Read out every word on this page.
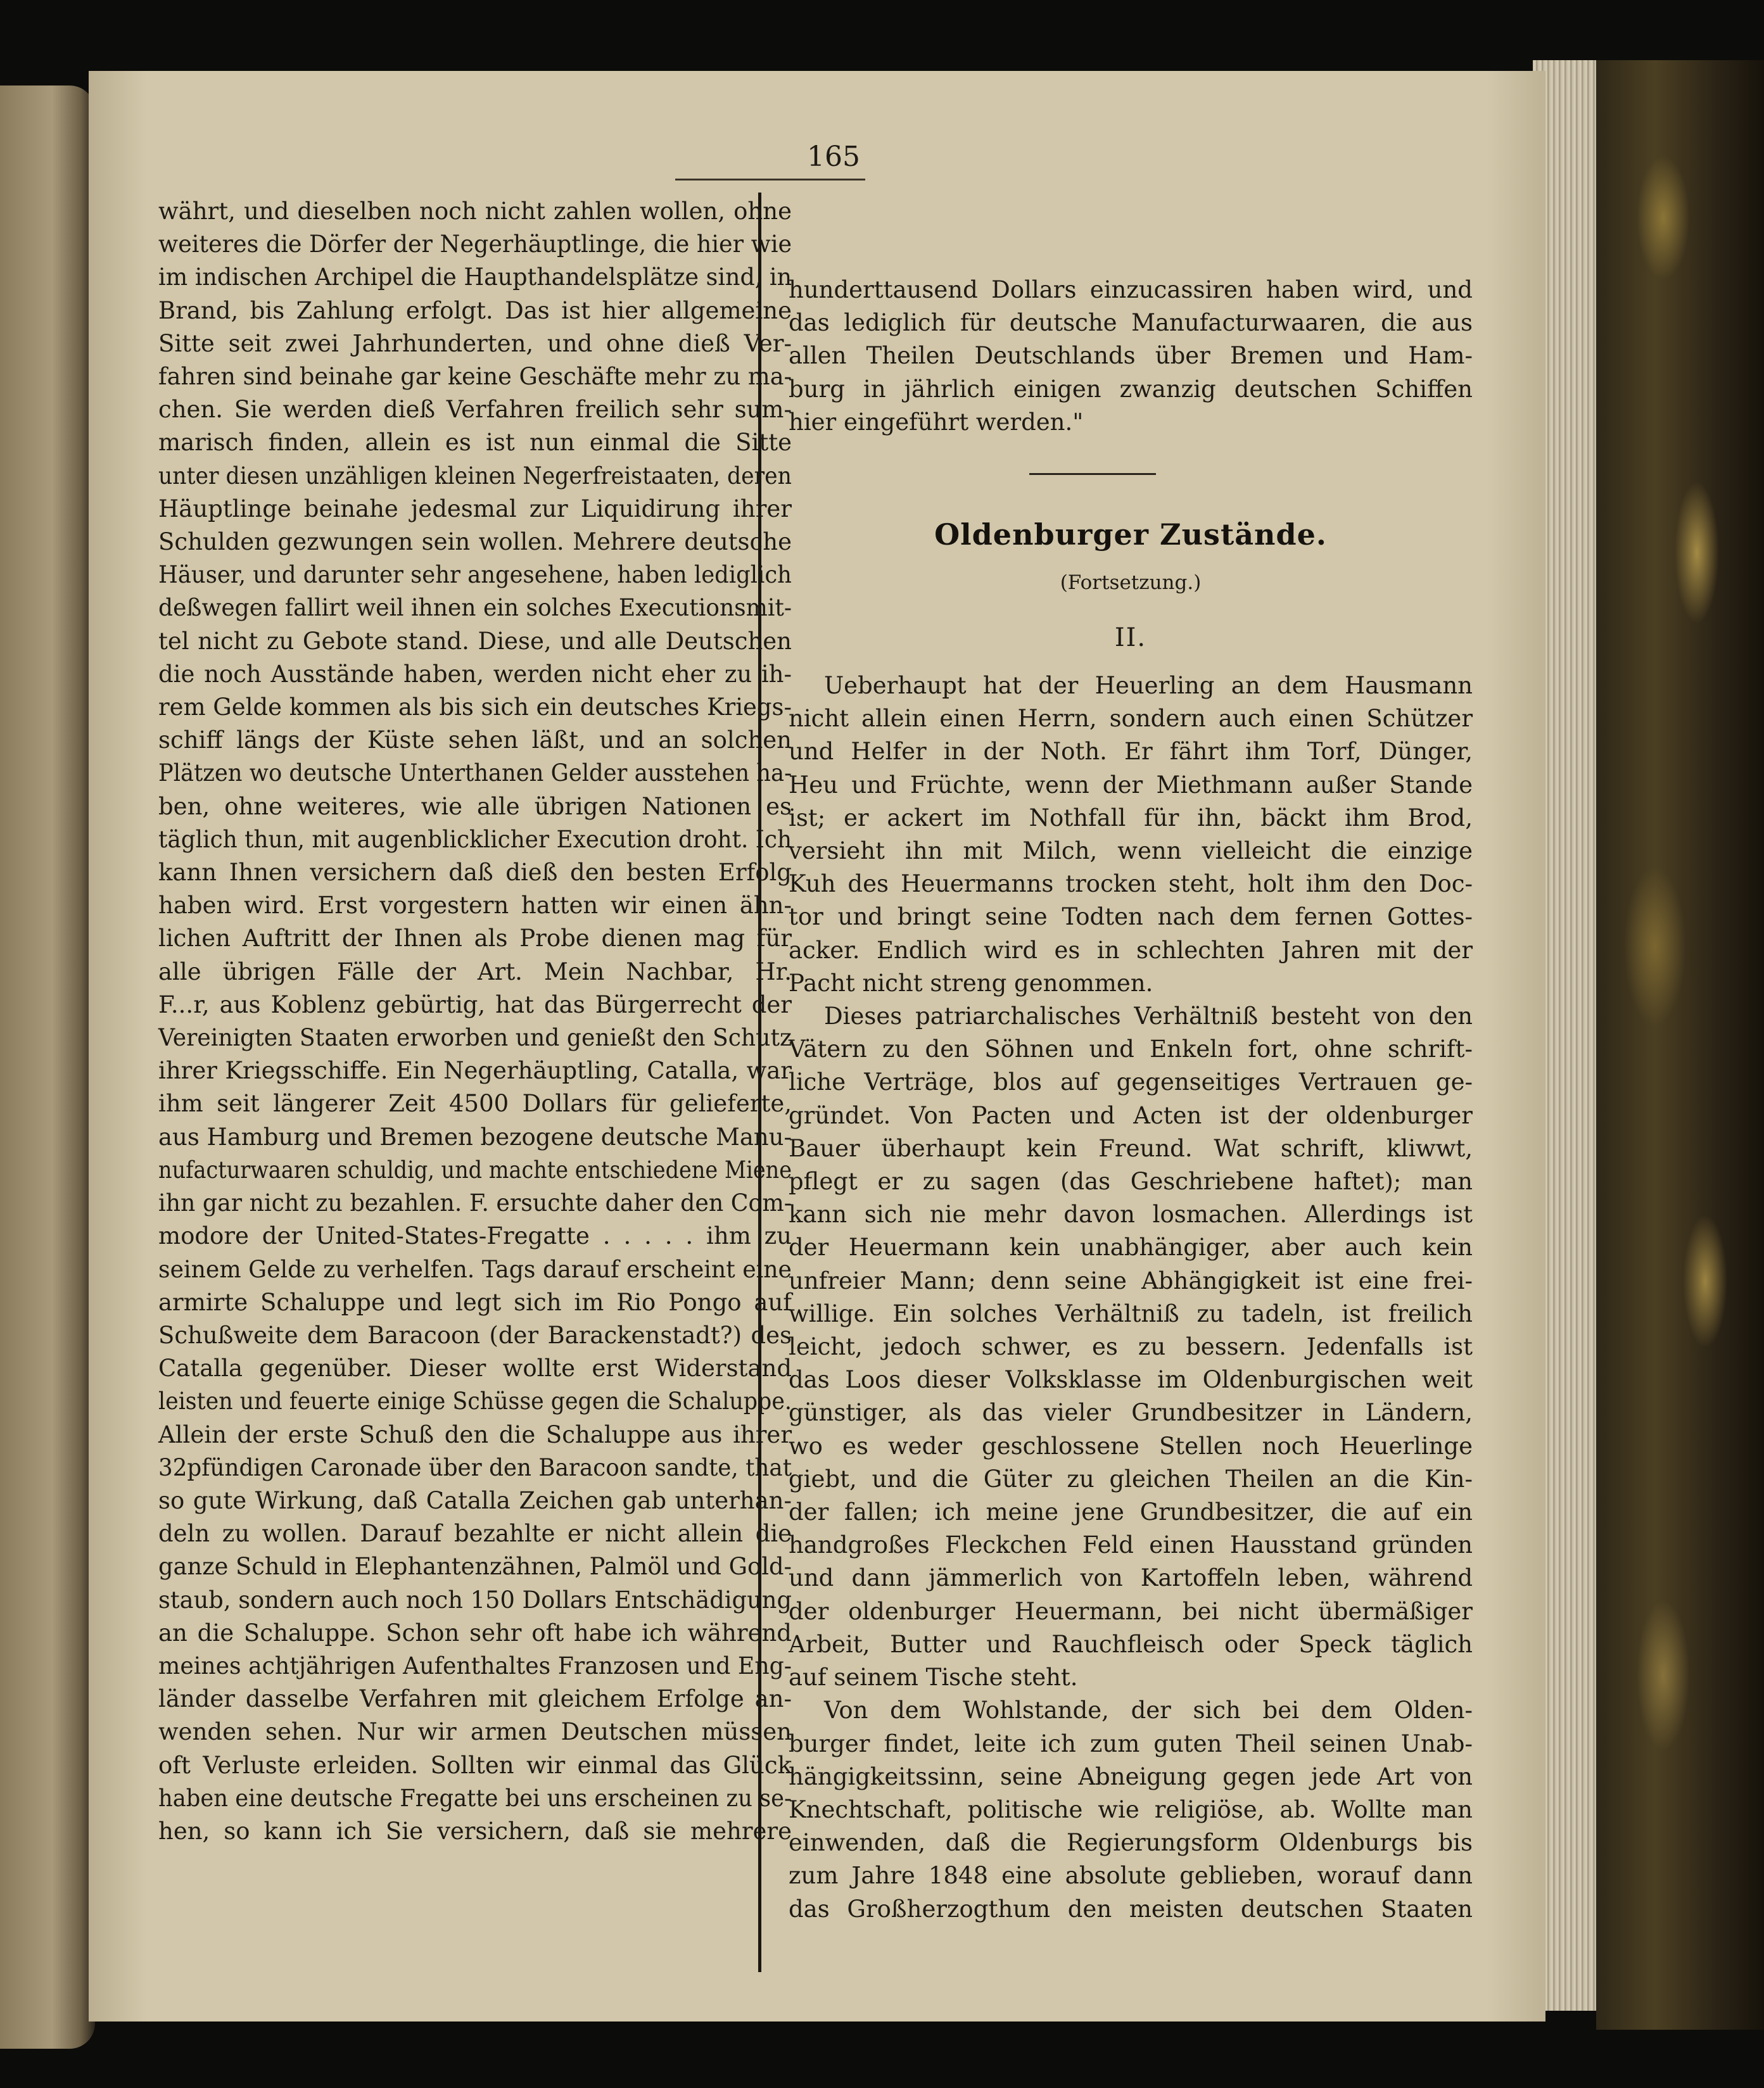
165
währt, und dieselben noch nicht zahlen wollen, ohne
weiteres die Dörfer der Negerhäuptlinge, die hier wie
im indischen Archipel die Haupthandelsplätze sind, in
Brand, bis Zahlung erfolgt. Das ist hier allgemeine
Sitte seit zwei Jahrhunderten, und ohne dieß Ver-
fahren sind beinahe gar keine Geschäfte mehr zu ma-
chen. Sie werden dieß Verfahren freilich sehr sum-
marisch finden, allein es ist nun einmal die Sitte
unter diesen unzähligen kleinen Negerfreistaaten, deren
Häuptlinge beinahe jedesmal zur Liquidirung ihrer
Schulden gezwungen sein wollen. Mehrere deutsche
Häuser, und darunter sehr angesehene, haben lediglich
deßwegen fallirt weil ihnen ein solches Executionsmit-
tel nicht zu Gebote stand. Diese, und alle Deutschen
die noch Ausstände haben, werden nicht eher zu ih-
rem Gelde kommen als bis sich ein deutsches Kriegs-
schiff längs der Küste sehen läßt, und an solchen
Plätzen wo deutsche Unterthanen Gelder ausstehen ha-
ben, ohne weiteres, wie alle übrigen Nationen es
täglich thun, mit augenblicklicher Execution droht. Ich
kann Ihnen versichern daß dieß den besten Erfolg
haben wird. Erst vorgestern hatten wir einen ähn-
lichen Auftritt der Ihnen als Probe dienen mag für
alle übrigen Fälle der Art. Mein Nachbar, Hr.
F...r, aus Koblenz gebürtig, hat das Bürgerrecht der
Vereinigten Staaten erworben und genießt den Schutz
ihrer Kriegsschiffe. Ein Negerhäuptling, Catalla, war
ihm seit längerer Zeit 4500 Dollars für gelieferte,
aus Hamburg und Bremen bezogene deutsche Manu-
nufacturwaaren schuldig, und machte entschiedene Miene
ihn gar nicht zu bezahlen. F. ersuchte daher den Com-
modore der United-States-Fregatte . . . . . ihm zu
seinem Gelde zu verhelfen. Tags darauf erscheint eine
armirte Schaluppe und legt sich im Rio Pongo auf
Schußweite dem Baracoon (der Barackenstadt?) des
Catalla gegenüber. Dieser wollte erst Widerstand
leisten und feuerte einige Schüsse gegen die Schaluppe.
Allein der erste Schuß den die Schaluppe aus ihrer
32pfündigen Caronade über den Baracoon sandte, that
so gute Wirkung, daß Catalla Zeichen gab unterhan-
deln zu wollen. Darauf bezahlte er nicht allein die
ganze Schuld in Elephantenzähnen, Palmöl und Gold-
staub, sondern auch noch 150 Dollars Entschädigung
an die Schaluppe. Schon sehr oft habe ich während
meines achtjährigen Aufenthaltes Franzosen und Eng-
länder dasselbe Verfahren mit gleichem Erfolge an-
wenden sehen. Nur wir armen Deutschen müssen
oft Verluste erleiden. Sollten wir einmal das Glück
haben eine deutsche Fregatte bei uns erscheinen zu se-
hen, so kann ich Sie versichern, daß sie mehrere
hunderttausend Dollars einzucassiren haben wird, und
das lediglich für deutsche Manufacturwaaren, die aus
allen Theilen Deutschlands über Bremen und Ham-
burg in jährlich einigen zwanzig deutschen Schiffen
hier eingeführt werden."
Oldenburger Zustände.
(Fortsetzung.)
II.
Ueberhaupt hat der Heuerling an dem Hausmann
nicht allein einen Herrn, sondern auch einen Schützer
und Helfer in der Noth. Er fährt ihm Torf, Dünger,
Heu und Früchte, wenn der Miethmann außer Stande
ist; er ackert im Nothfall für ihn, bäckt ihm Brod,
versieht ihn mit Milch, wenn vielleicht die einzige
Kuh des Heuermanns trocken steht, holt ihm den Doc-
tor und bringt seine Todten nach dem fernen Gottes-
acker. Endlich wird es in schlechten Jahren mit der
Pacht nicht streng genommen.
Dieses patriarchalisches Verhältniß besteht von den
Vätern zu den Söhnen und Enkeln fort, ohne schrift-
liche Verträge, blos auf gegenseitiges Vertrauen ge-
gründet. Von Pacten und Acten ist der oldenburger
Bauer überhaupt kein Freund. Wat schrift, kliwwt,
pflegt er zu sagen (das Geschriebene haftet); man
kann sich nie mehr davon losmachen. Allerdings ist
der Heuermann kein unabhängiger, aber auch kein
unfreier Mann; denn seine Abhängigkeit ist eine frei-
willige. Ein solches Verhältniß zu tadeln, ist freilich
leicht, jedoch schwer, es zu bessern. Jedenfalls ist
das Loos dieser Volksklasse im Oldenburgischen weit
günstiger, als das vieler Grundbesitzer in Ländern,
wo es weder geschlossene Stellen noch Heuerlinge
giebt, und die Güter zu gleichen Theilen an die Kin-
der fallen; ich meine jene Grundbesitzer, die auf ein
handgroßes Fleckchen Feld einen Hausstand gründen
und dann jämmerlich von Kartoffeln leben, während
der oldenburger Heuermann, bei nicht übermäßiger
Arbeit, Butter und Rauchfleisch oder Speck täglich
auf seinem Tische steht.
Von dem Wohlstande, der sich bei dem Olden-
burger findet, leite ich zum guten Theil seinen Unab-
hängigkeitssinn, seine Abneigung gegen jede Art von
Knechtschaft, politische wie religiöse, ab. Wollte man
einwenden, daß die Regierungsform Oldenburgs bis
zum Jahre 1848 eine absolute geblieben, worauf dann
das Großherzogthum den meisten deutschen Staaten
